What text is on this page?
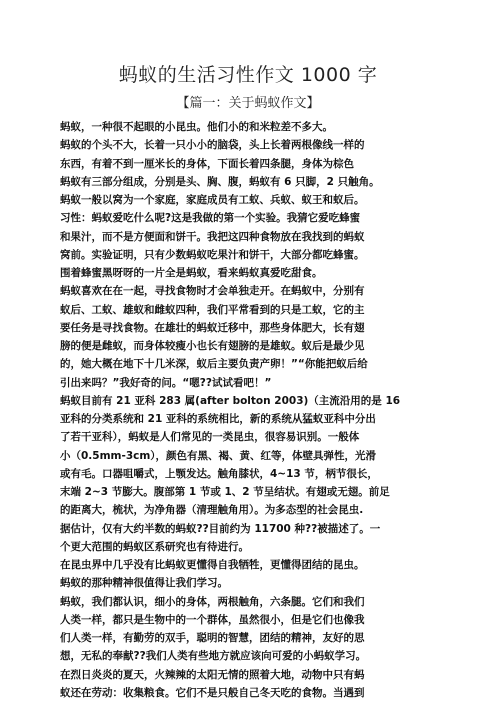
蚂蚁的生活习性作文 1000 字
【篇一：关于蚂蚁作文】
蚂蚁，一种很不起眼的小昆虫。他们小的和米粒差不多大。
蚂蚁的个头不大，长着一只小小的脑袋，头上长着两根像线一样的
东西，有着不到一厘米长的身体，下面长着四条腿，身体为棕色
蚂蚁有三部分组成，分别是头、胸、腹，蚂蚁有 6 只脚，2 只触角。
蚂蚁一般以窝为一个家庭，家庭成员有工蚁、兵蚁、蚁王和蚁后。
习性：蚂蚁爱吃什么呢?这是我做的第一个实验。我猜它爱吃蜂蜜
和果汁，而不是方便面和饼干。我把这四种食物放在我找到的蚂蚁
窝前。实验证明，只有少数蚂蚁吃果汁和饼干，大部分都吃蜂蜜。
围着蜂蜜黑呀呀的一片全是蚂蚁，看来蚂蚁真爱吃甜食。
蚂蚁喜欢在在一起，寻找食物时才会单独走开。在蚂蚁中，分别有
蚁后、工蚁、雄蚁和雌蚁四种，我们平常看到的只是工蚁，它的主
要任务是寻找食物。在雄壮的蚂蚁迁移中，那些身体肥大，长有翅
膀的便是雌蚁，而身体较瘦小也长有翅膀的是雄蚁。蚁后是最少见
的，她大概在地下十几米深，蚁后主要负责产卵！”“你能把蚁后给
引出来吗？”我好奇的问。“嗯??试试看吧！”
蚂蚁目前有 21 亚科 283 属(after bolton 2003)（主流沿用的是 16
亚科的分类系统和 21 亚科的系统相比，新的系统从猛蚁亚科中分出
了若干亚科），蚂蚁是人们常见的一类昆虫，很容易识别。一般体
小（0.5mm-3cm），颜色有黑、褐、黄、红等，体壁具弹性，光滑
或有毛。口器咀嚼式，上颚发达。触角膝状，4~13 节，柄节很长，
末端 2~3 节膨大。腹部第 1 节或 1、2 节呈结状。有翅或无翅。前足
的距离大，梳状，为净角器（清理触角用）。为多态型的社会昆虫.
据估计，仅有大约半数的蚂蚁??目前约为 11700 种??被描述了。一
个更大范围的蚂蚁区系研究也有待进行。
在昆虫界中几乎没有比蚂蚁更懂得自我牺牲，更懂得团结的昆虫。
蚂蚁的那种精神很值得让我们学习。
蚂蚁，我们都认识，细小的身体，两根触角，六条腿。它们和我们
人类一样，都只是生物中的一个群体，虽然很小，但是它们也像我
们人类一样，有勤劳的双手，聪明的智慧，团结的精神，友好的思
想，无私的奉献??我们人类有些地方就应该向可爱的小蚂蚁学习。
在烈日炎炎的夏天，火辣辣的太阳无情的照着大地，动物中只有蚂
蚁还在劳动：收集粮食。它们不是只般自己冬天吃的食物。当遇到
